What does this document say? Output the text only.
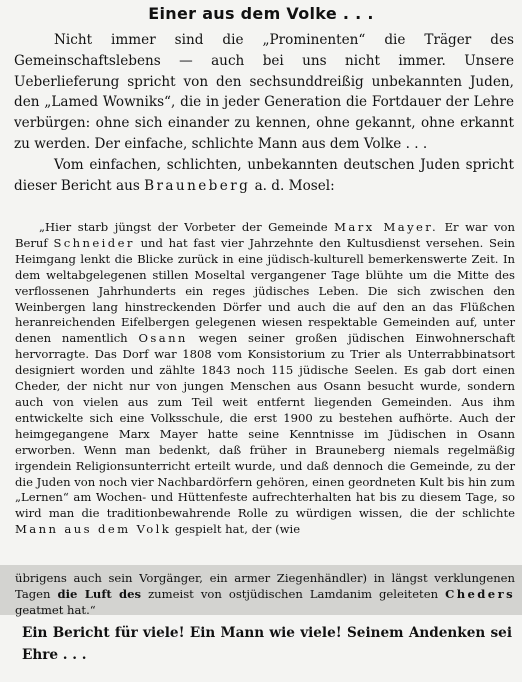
Einer aus dem Volke . . .

Nicht immer sind die „Prominenten“ die Träger des Gemeinschaftslebens — auch bei uns nicht immer. Unsere Ueberlieferung spricht von den sechsunddreißig unbekannten Juden, den „Lamed Wowniks“, die in jeder Generation die Fortdauer der Lehre verbürgen: ohne sich einander zu kennen, ohne gekannt, ohne erkannt zu werden. Der einfache, schlichte Mann aus dem Volke . . .

Vom einfachen, schlichten, unbekannten deutschen Juden spricht dieser Bericht aus Brauneberg a. d. Mosel:

„Hier starb jüngst der Vorbeter der Gemeinde Marx Mayer. Er war von Beruf Schneider und hat fast vier Jahrzehnte den Kultusdienst versehen. Sein Heimgang lenkt die Blicke zurück in eine jüdisch-kulturell bemerkenswerte Zeit. In dem weltabgelegenen stillen Moseltal vergangener Tage blühte um die Mitte des verflossenen Jahrhunderts ein reges jüdisches Leben. Die sich zwischen den Weinbergen lang hinstreckenden Dörfer und auch die auf den an das Flüßchen heranreichenden Eifelbergen gelegenen wiesen respektable Gemeinden auf, unter denen namentlich Osann wegen seiner großen jüdischen Einwohnerschaft hervorragte. Das Dorf war 1808 vom Konsistorium zu Trier als Unterrabbinatsort designiert worden und zählte 1843 noch 115 jüdische Seelen. Es gab dort einen Cheder, der nicht nur von jungen Menschen aus Osann besucht wurde, sondern auch von vielen aus zum Teil weit entfernt liegenden Gemeinden. Aus ihm entwickelte sich eine Volksschule, die erst 1900 zu bestehen aufhörte. Auch der heimgegangene Marx Mayer hatte seine Kenntnisse im Jüdischen in Osann erworben. Wenn man bedenkt, daß früher in Brauneberg niemals regelmäßig irgendein Religionsunterricht erteilt wurde, und daß dennoch die Gemeinde, zu der die Juden von noch vier Nachbardörfern gehören, einen geordneten Kult bis hin zum „Lernen“ am Wochen- und Hüttenfeste aufrechterhalten hat bis zu diesem Tage, so wird man die traditionbewahrende Rolle zu würdigen wissen, die der schlichte Mann aus dem Volk gespielt hat, der (wie

übrigens auch sein Vorgänger, ein armer Ziegenhändler) in längst verklungenen Tagen die Luft des zumeist von ostjüdischen Lamdanim geleiteten Cheders geatmet hat.“
Ein Bericht für viele! Ein Mann wie viele! Seinem Andenken sei Ehre . . .
